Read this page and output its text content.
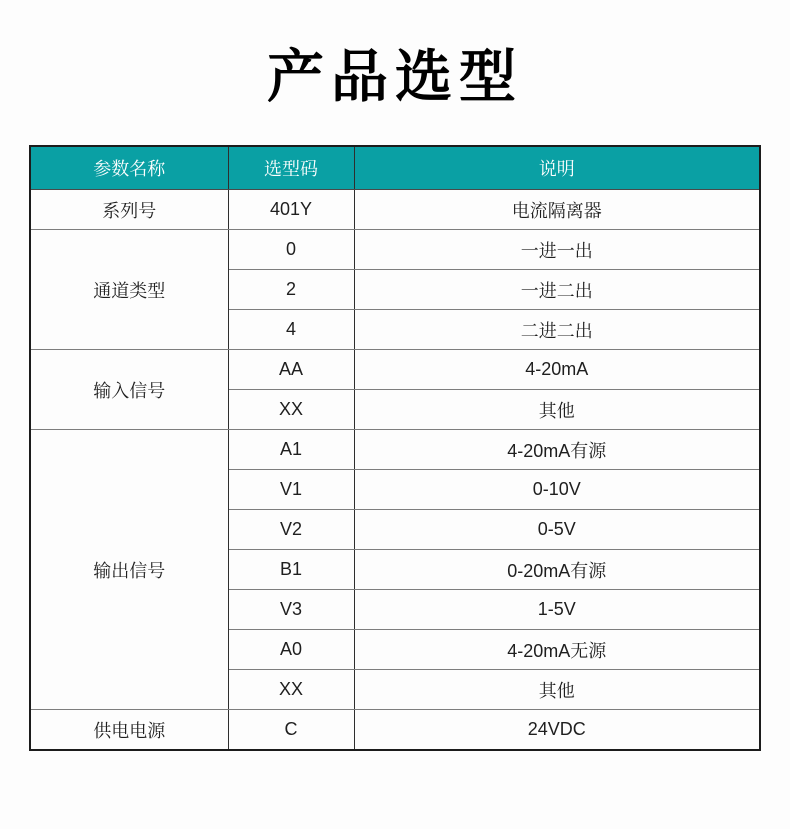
产品选型
参数名称	选型码	说明
系列号	401Y	电流隔离器
通道类型	0	一进一出
	2	一进二出
	4	二进二出
输入信号	AA	4-20mA
	XX	其他
输出信号	A1	4-20mA有源
	V1	0-10V
	V2	0-5V
	B1	0-20mA有源
	V3	1-5V
	A0	4-20mA无源
	XX	其他
供电电源	C	24VDC
